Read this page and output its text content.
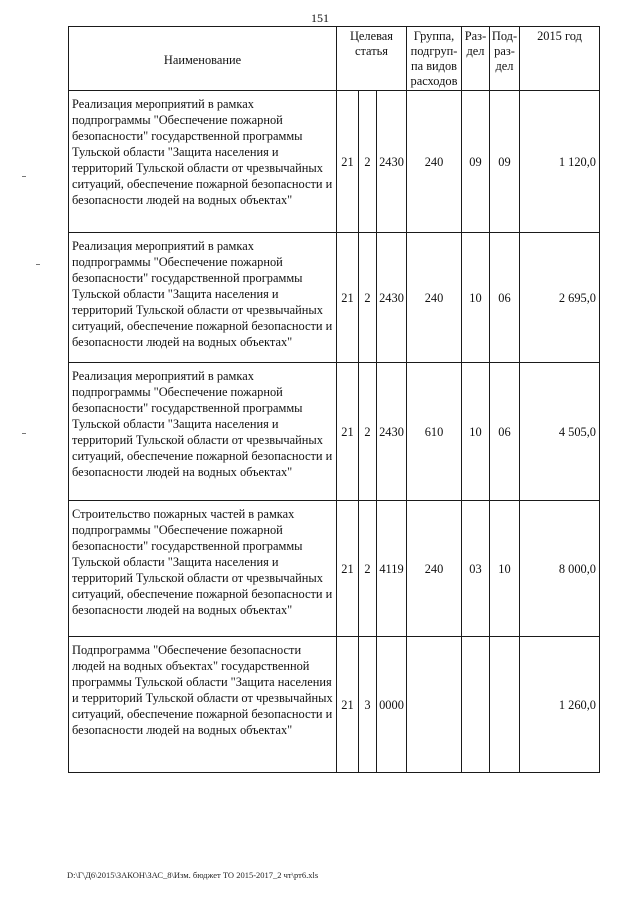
151
Наименование	Целевая статья			Группа, подгруп-па видов расходов	Раз-дел	Под-раз-дел	2015 год
Реализация мероприятий в рамках подпрограммы "Обеспечение пожарной безопасности" государственной программы Тульской области "Защита населения и территорий Тульской области от чрезвычайных ситуаций, обеспечение пожарной безопасности и безопасности людей на водных объектах"	21	2	2430	240	09	09	1 120,0
Реализация мероприятий в рамках подпрограммы "Обеспечение пожарной безопасности" государственной программы Тульской области "Защита населения и территорий Тульской области от чрезвычайных ситуаций, обеспечение пожарной безопасности и безопасности людей на водных объектах"	21	2	2430	240	10	06	2 695,0
Реализация мероприятий в рамках подпрограммы "Обеспечение пожарной безопасности" государственной программы Тульской области "Защита населения и территорий Тульской области от чрезвычайных ситуаций, обеспечение пожарной безопасности и безопасности людей на водных объектах"	21	2	2430	610	10	06	4 505,0
Строительство пожарных частей в рамках подпрограммы "Обеспечение пожарной безопасности" государственной программы Тульской области "Защита населения и территорий Тульской области от чрезвычайных ситуаций, обеспечение пожарной безопасности и безопасности людей на водных объектах"	21	2	4119	240	03	10	8 000,0
Подпрограмма "Обеспечение безопасности людей на водных объектах" государственной программы Тульской области "Защита населения и территорий Тульской области от чрезвычайных ситуаций, обеспечение пожарной безопасности и безопасности людей на водных объектах"	21	3	0000				1 260,0
D:\Г\Д6\2015\ЗАКОН\ЗАС_8\Изм. бюджет ТО 2015-2017_2 чт\рт6.xls
